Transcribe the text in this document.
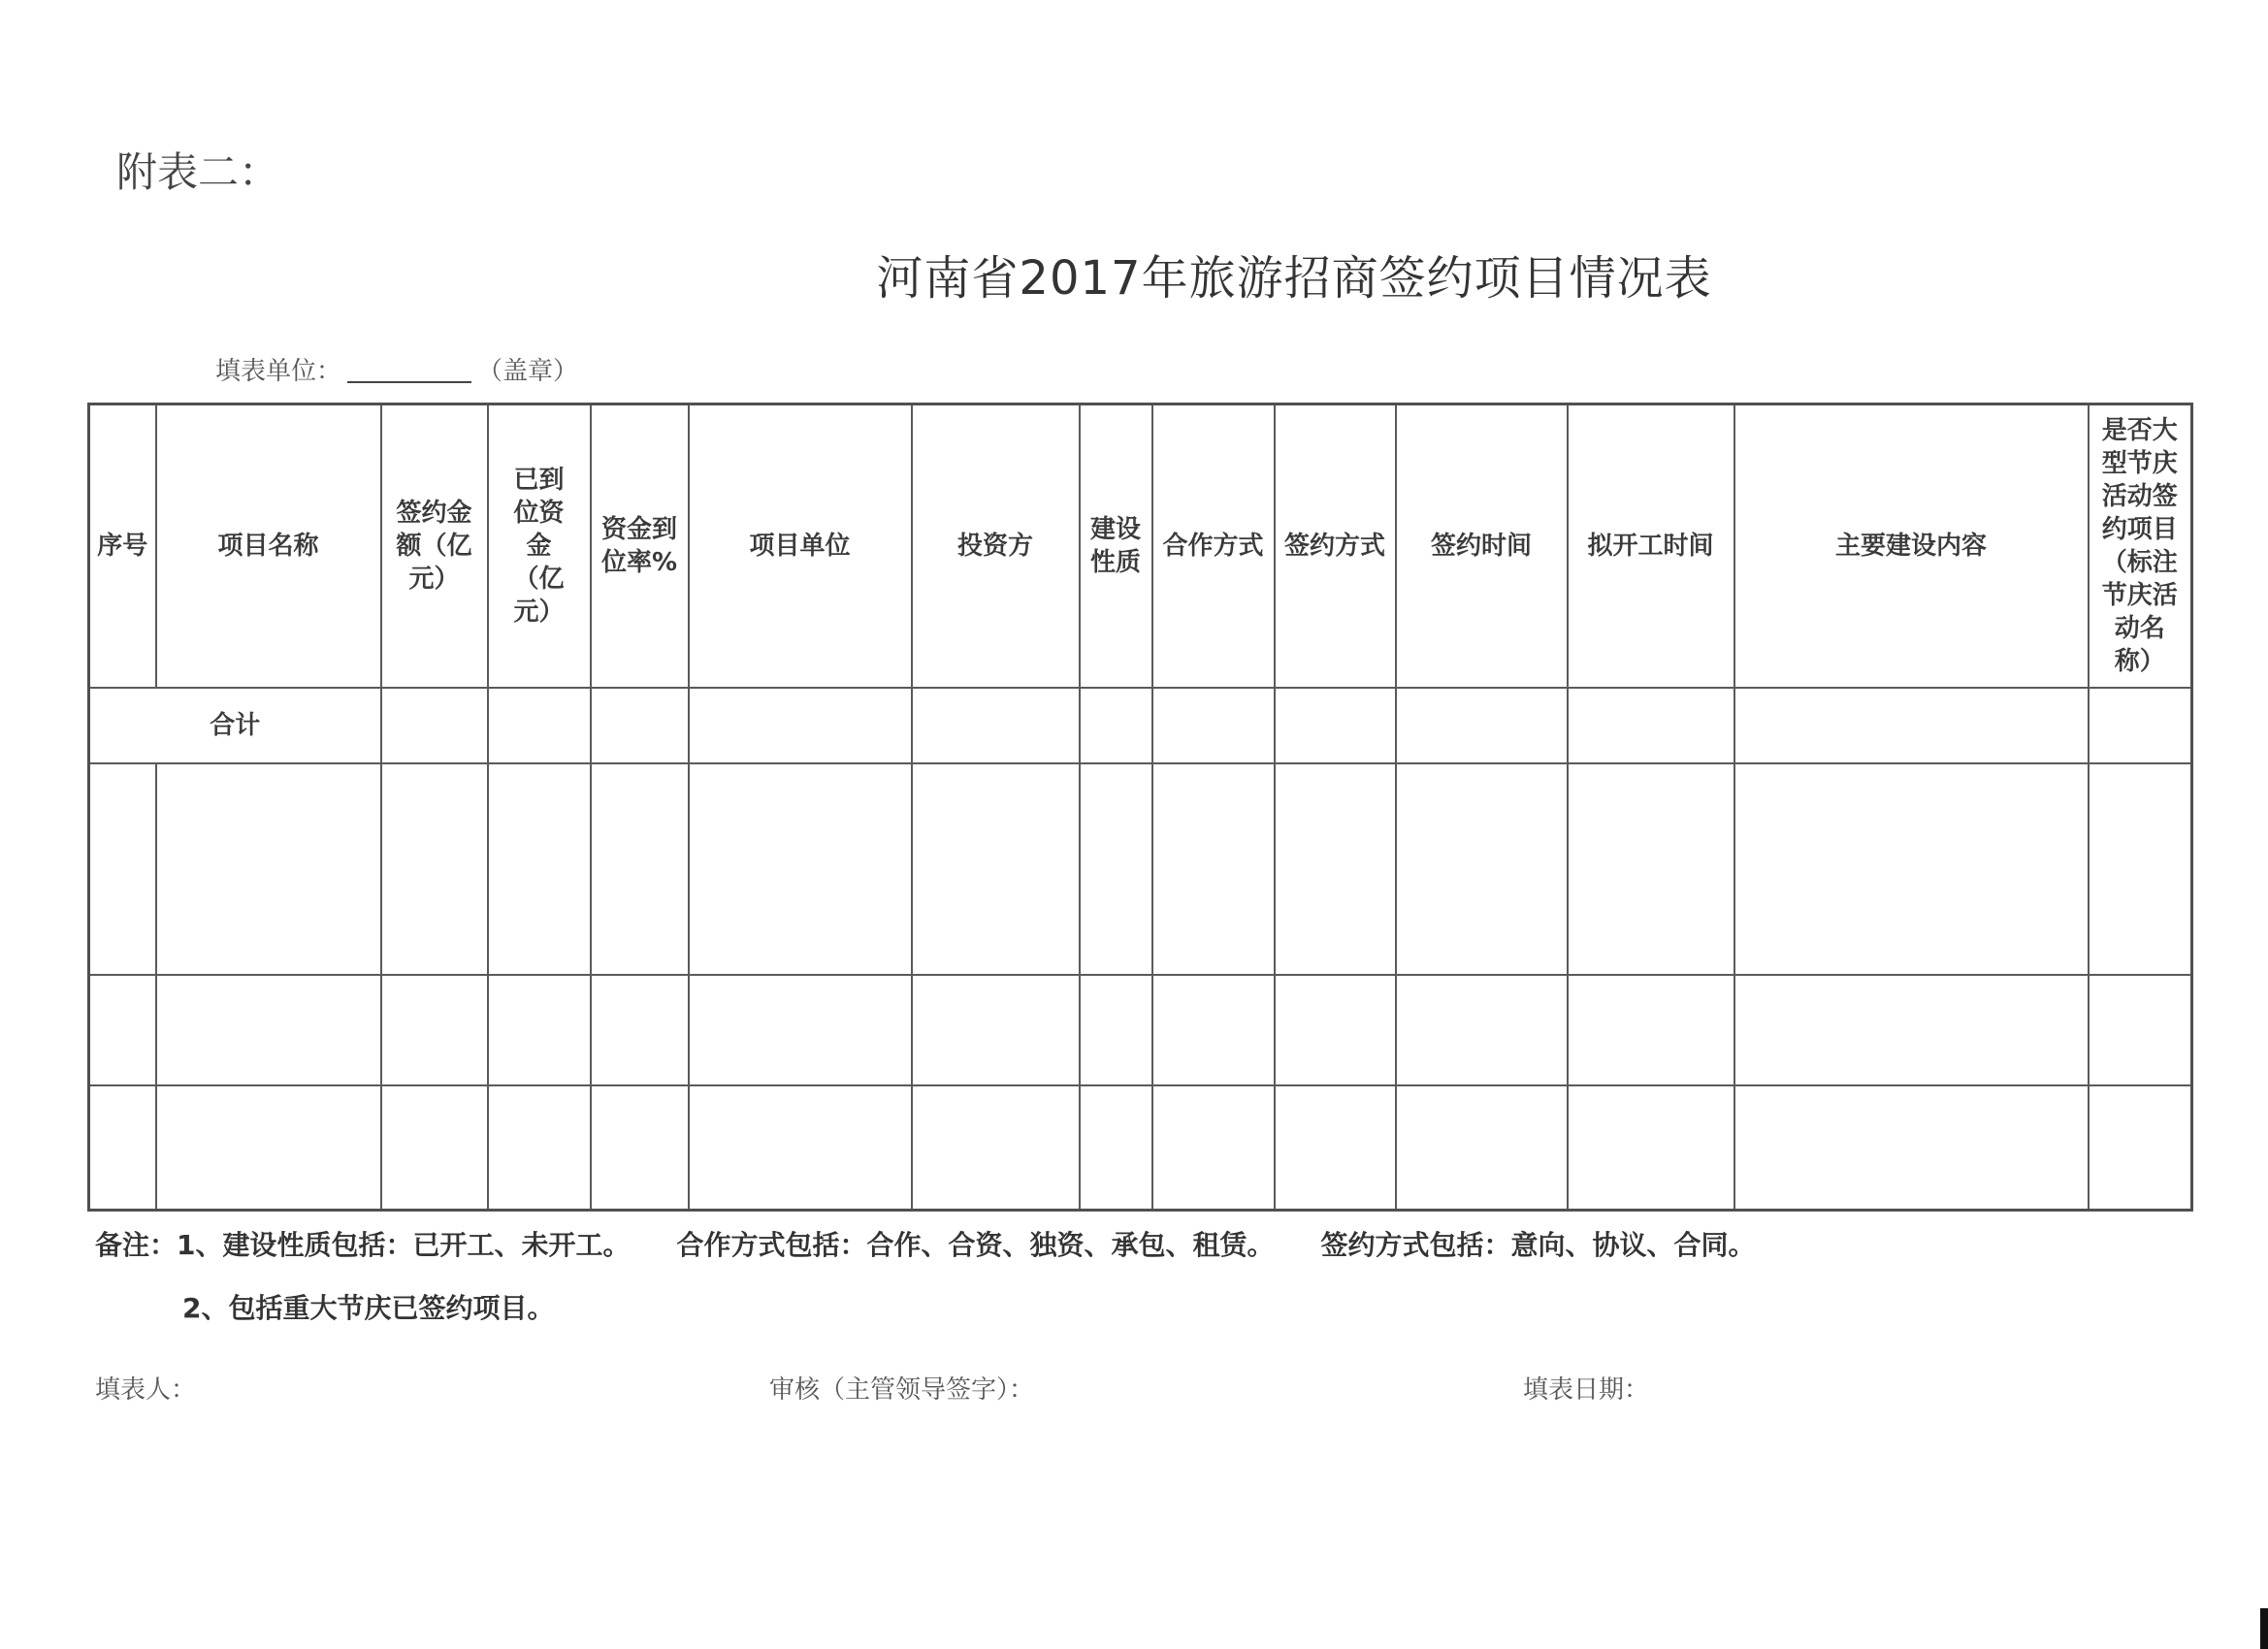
附表二：
河南省2017年旅游招商签约项目情况表
填表单位：	（盖章）
序号	项目名称	签约金额（亿元）	已到位资金（亿元）	资金到位率%	项目单位	投资方	建设性质	合作方式	签约方式	签约时间	拟开工时间	主要建设内容	是否大型节庆活动签约项目（标注节庆活动名称）

合计													

备注：1、建设性质包括：已开工、未开工。 合作方式包括：合作、合资、独资、承包、租赁。 签约方式包括：意向、协议、合同。
2、包括重大节庆已签约项目。
填表人：	审核（主管领导签字）：	填表日期：
